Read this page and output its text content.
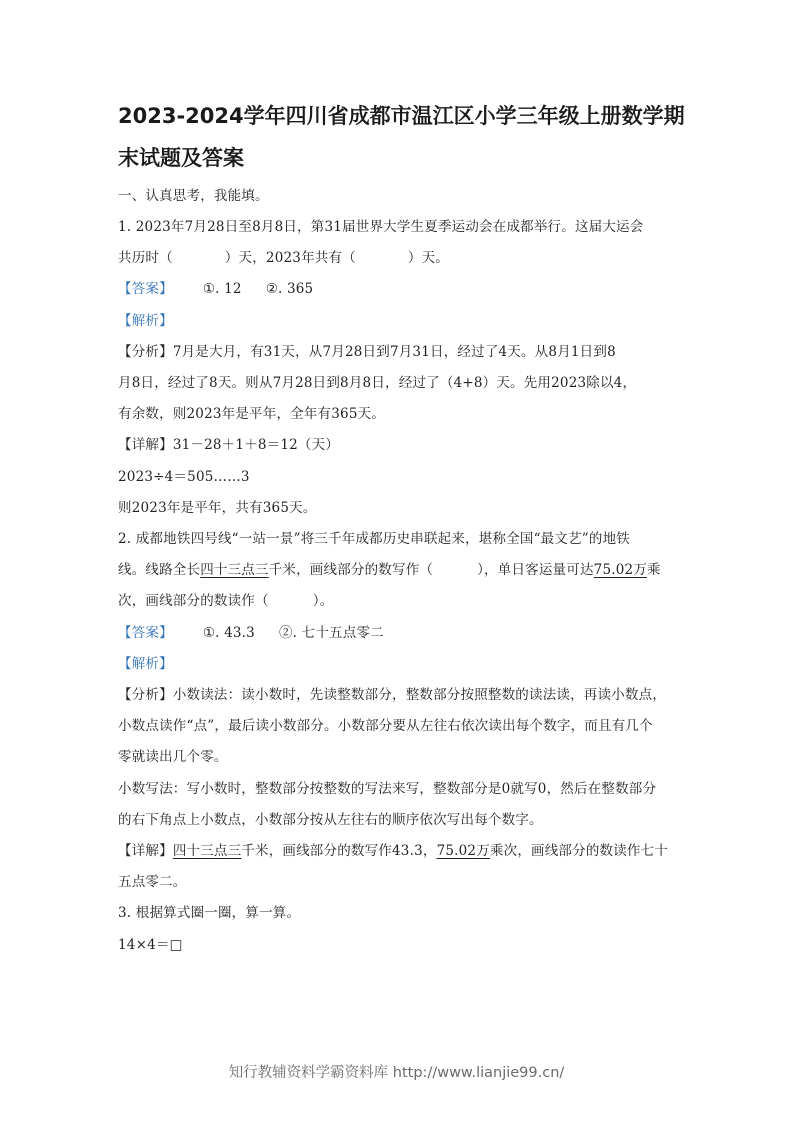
2023-2024学年四川省成都市温江区小学三年级上册数学期
末试题及答案
一、认真思考，我能填。
1. 2023年7月28日至8月8日，第31届世界大学生夏季运动会在成都举行。这届大运会
共历时（	）天，2023年共有（	）天。
【答案】 ①. 12 ②. 365
【解析】
【分析】7月是大月，有31天，从7月28日到7月31日，经过了4天。从8月1日到8
月8日，经过了8天。则从7月28日到8月8日，经过了（4+8）天。先用2023除以4，
有余数，则2023年是平年，全年有365天。
【详解】31－28＋1＋8＝12（天）
2023÷4＝505……3
则2023年是平年，共有365天。
2. 成都地铁四号线“一站一景”将三千年成都历史串联起来，堪称全国“最文艺”的地铁
线。线路全长四十三点三千米，画线部分的数写作（	），单日客运量可达75.02万乘
次，画线部分的数读作（	）。
【答案】 ①. 43.3 ②. 七十五点零二
【解析】
【分析】小数读法：读小数时，先读整数部分，整数部分按照整数的读法读，再读小数点，
小数点读作“点”，最后读小数部分。小数部分要从左往右依次读出每个数字，而且有几个
零就读出几个零。
小数写法：写小数时，整数部分按整数的写法来写，整数部分是0就写0，然后在整数部分
的右下角点上小数点，小数部分按从左往右的顺序依次写出每个数字。
【详解】四十三点三千米，画线部分的数写作43.3，75.02万乘次，画线部分的数读作七十
五点零二。
3. 根据算式圈一圈，算一算。
14×4＝□
知行教辅资料学霸资料库 http://www.lianjie99.cn/
